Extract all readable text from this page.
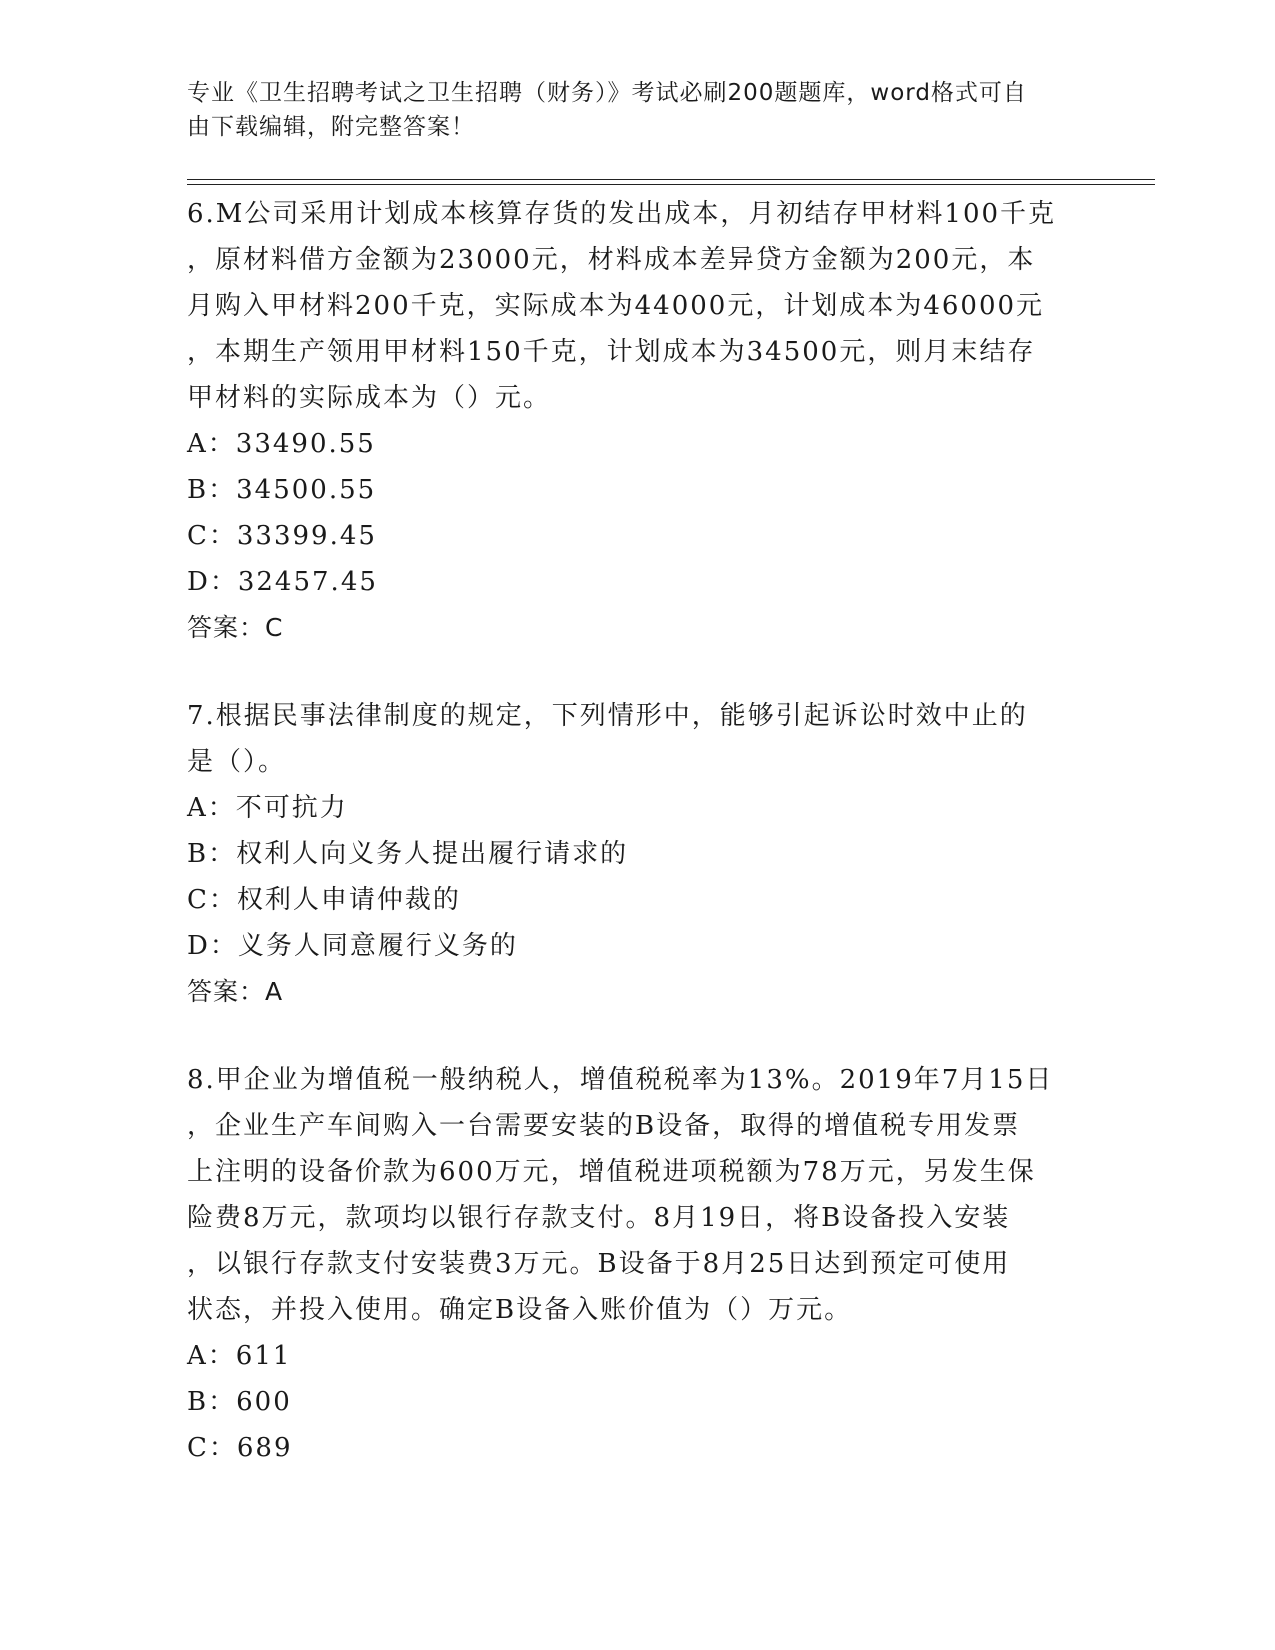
专业《卫生招聘考试之卫生招聘（财务）》考试必刷200题题库，word格式可自
由下载编辑，附完整答案！
6.M公司采用计划成本核算存货的发出成本，月初结存甲材料100千克
，原材料借方金额为23000元，材料成本差异贷方金额为200元，本
月购入甲材料200千克，实际成本为44000元，计划成本为46000元
，本期生产领用甲材料150千克，计划成本为34500元，则月末结存
甲材料的实际成本为（）元。
A：33490.55
B：34500.55
C：33399.45
D：32457.45
答案：C
7.根据民事法律制度的规定，下列情形中，能够引起诉讼时效中止的
是（）。
A：不可抗力
B：权利人向义务人提出履行请求的
C：权利人申请仲裁的
D：义务人同意履行义务的
答案：A
8.甲企业为增值税一般纳税人，增值税税率为13%。2019年7月15日
，企业生产车间购入一台需要安装的B设备，取得的增值税专用发票
上注明的设备价款为600万元，增值税进项税额为78万元，另发生保
险费8万元，款项均以银行存款支付。8月19日，将B设备投入安装
，以银行存款支付安装费3万元。B设备于8月25日达到预定可使用
状态，并投入使用。确定B设备入账价值为（）万元。
A：611
B：600
C：689
